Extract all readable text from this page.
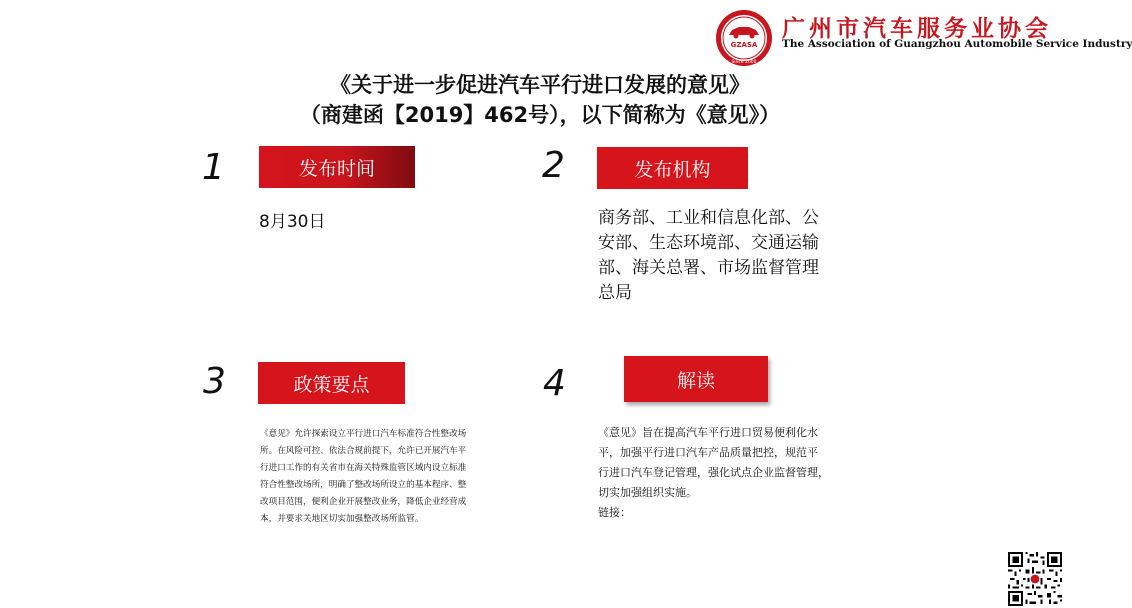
GZASA
Since 2000
广州市汽车服务业协会
The Association of Guangzhou Automobile Service Industry
《关于进一步促进汽车平行进口发展的意见》
（商建函【2019】462号），以下简称为《意见》）
1	发布时间
8月30日
2	发布机构
商务部、工业和信息化部、公
安部、生态环境部、交通运输
部、海关总署、市场监督管理
总局
3	政策要点
《意见》允许探索设立平行进口汽车标准符合性整改场
所。在风险可控、依法合规前提下，允许已开展汽车平
行进口工作的有关省市在海关特殊监管区域内设立标准
符合性整改场所，明确了整改场所设立的基本程序、整
改项目范围，便利企业开展整改业务，降低企业经营成
本，并要求关地区切实加强整改场所监管。
4	解读
《意见》旨在提高汽车平行进口贸易便利化水
平，加强平行进口汽车产品质量把控，规范平
行进口汽车登记管理，强化试点企业监督管理，
切实加强组织实施。
链接：
